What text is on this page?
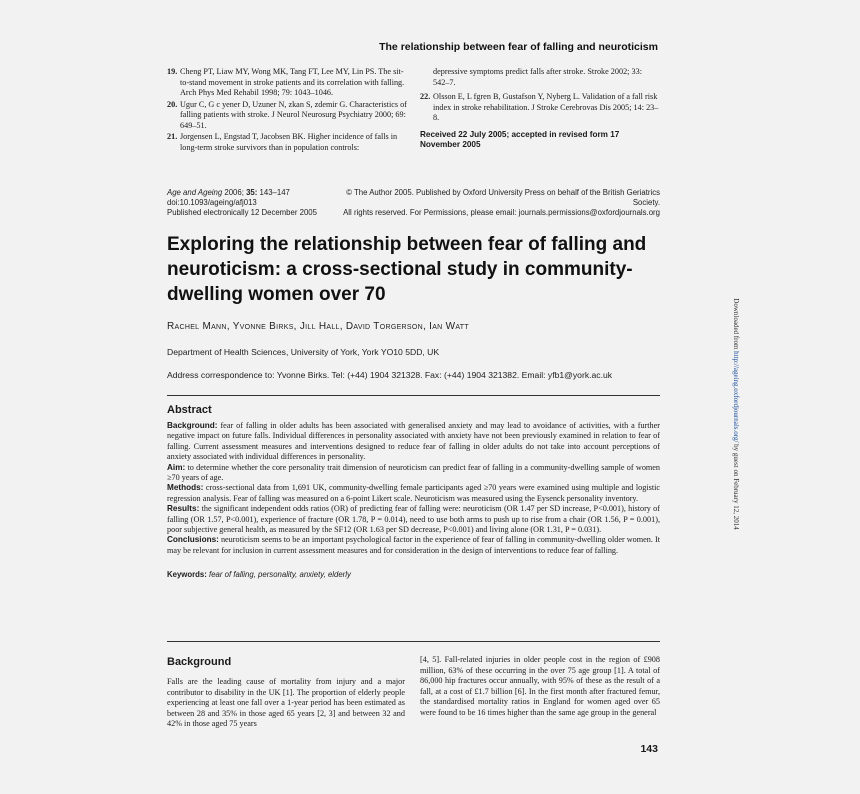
The relationship between fear of falling and neuroticism
19. Cheng PT, Liaw MY, Wong MK, Tang FT, Lee MY, Lin PS. The sit-to-stand movement in stroke patients and its correlation with falling. Arch Phys Med Rehabil 1998; 79: 1043–1046.
20. Ugur C, G c yener D, Uzuner N, zkan S, zdemir G. Characteristics of falling patients with stroke. J Neurol Neurosurg Psychiatry 2000; 69: 649–51.
21. Jorgensen L, Engstad T, Jacobsen BK. Higher incidence of falls in long-term stroke survivors than in population controls:
depressive symptoms predict falls after stroke. Stroke 2002; 33: 542–7.
22. Olsson E, L fgren B, Gustafson Y, Nyberg L. Validation of a fall risk index in stroke rehabilitation. J Stroke Cerebrovas Dis 2005; 14: 23–8.
Received 22 July 2005; accepted in revised form 17 November 2005
Age and Ageing 2006; 35: 143–147
doi:10.1093/ageing/afj013
Published electronically 12 December 2005
© The Author 2005. Published by Oxford University Press on behalf of the British Geriatrics Society.
All rights reserved. For Permissions, please email: journals.permissions@oxfordjournals.org
Exploring the relationship between fear of falling and neuroticism: a cross-sectional study in community-dwelling women over 70
Rachel Mann, Yvonne Birks, Jill Hall, David Torgerson, Ian Watt
Department of Health Sciences, University of York, York YO10 5DD, UK
Address correspondence to: Yvonne Birks. Tel: (+44) 1904 321328. Fax: (+44) 1904 321382. Email: yfb1@york.ac.uk
Abstract
Background: fear of falling in older adults has been associated with generalised anxiety and may lead to avoidance of activities, with a further negative impact on future falls. Individual differences in personality associated with anxiety have not been previously examined in relation to fear of falling. Current assessment measures and interventions designed to reduce fear of falling in older adults do not take into account perceptions of anxiety associated with individual differences in personality.
Aim: to determine whether the core personality trait dimension of neuroticism can predict fear of falling in a community-dwelling sample of women ≥70 years of age.
Methods: cross-sectional data from 1,691 UK, community-dwelling female participants aged ≥70 years were examined using multiple and logistic regression analysis. Fear of falling was measured on a 6-point Likert scale. Neuroticism was measured using the Eysenck personality inventory.
Results: the significant independent odds ratios (OR) of predicting fear of falling were: neuroticism (OR 1.47 per SD increase, P<0.001), history of falling (OR 1.57, P<0.001), experience of fracture (OR 1.78, P = 0.014), need to use both arms to push up to rise from a chair (OR 1.56, P = 0.001), poor subjective general health, as measured by the SF12 (OR 1.63 per SD decrease, P<0.001) and living alone (OR 1.31, P = 0.031).
Conclusions: neuroticism seems to be an important psychological factor in the experience of fear of falling in community-dwelling older women. It may be relevant for inclusion in current assessment measures and for consideration in the design of interventions to reduce fear of falling.
Keywords: fear of falling, personality, anxiety, elderly
Background
Falls are the leading cause of mortality from injury and a major contributor to disability in the UK [1]. The proportion of elderly people experiencing at least one fall over a 1-year period has been estimated as between 28 and 35% in those aged 65 years [2, 3] and between 32 and 42% in those aged 75 years
[4, 5]. Fall-related injuries in older people cost in the region of £908 million, 63% of these occurring in the over 75 age group [1]. A total of 86,000 hip fractures occur annually, with 95% of these as the result of a fall, at a cost of £1.7 billion [6]. In the first month after fractured femur, the standardised mortality ratios in England for women aged over 65 were found to be 16 times higher than the same age group in the general
143
Downloaded from http://ageing.oxfordjournals.org/ by guest on February 12, 2014
